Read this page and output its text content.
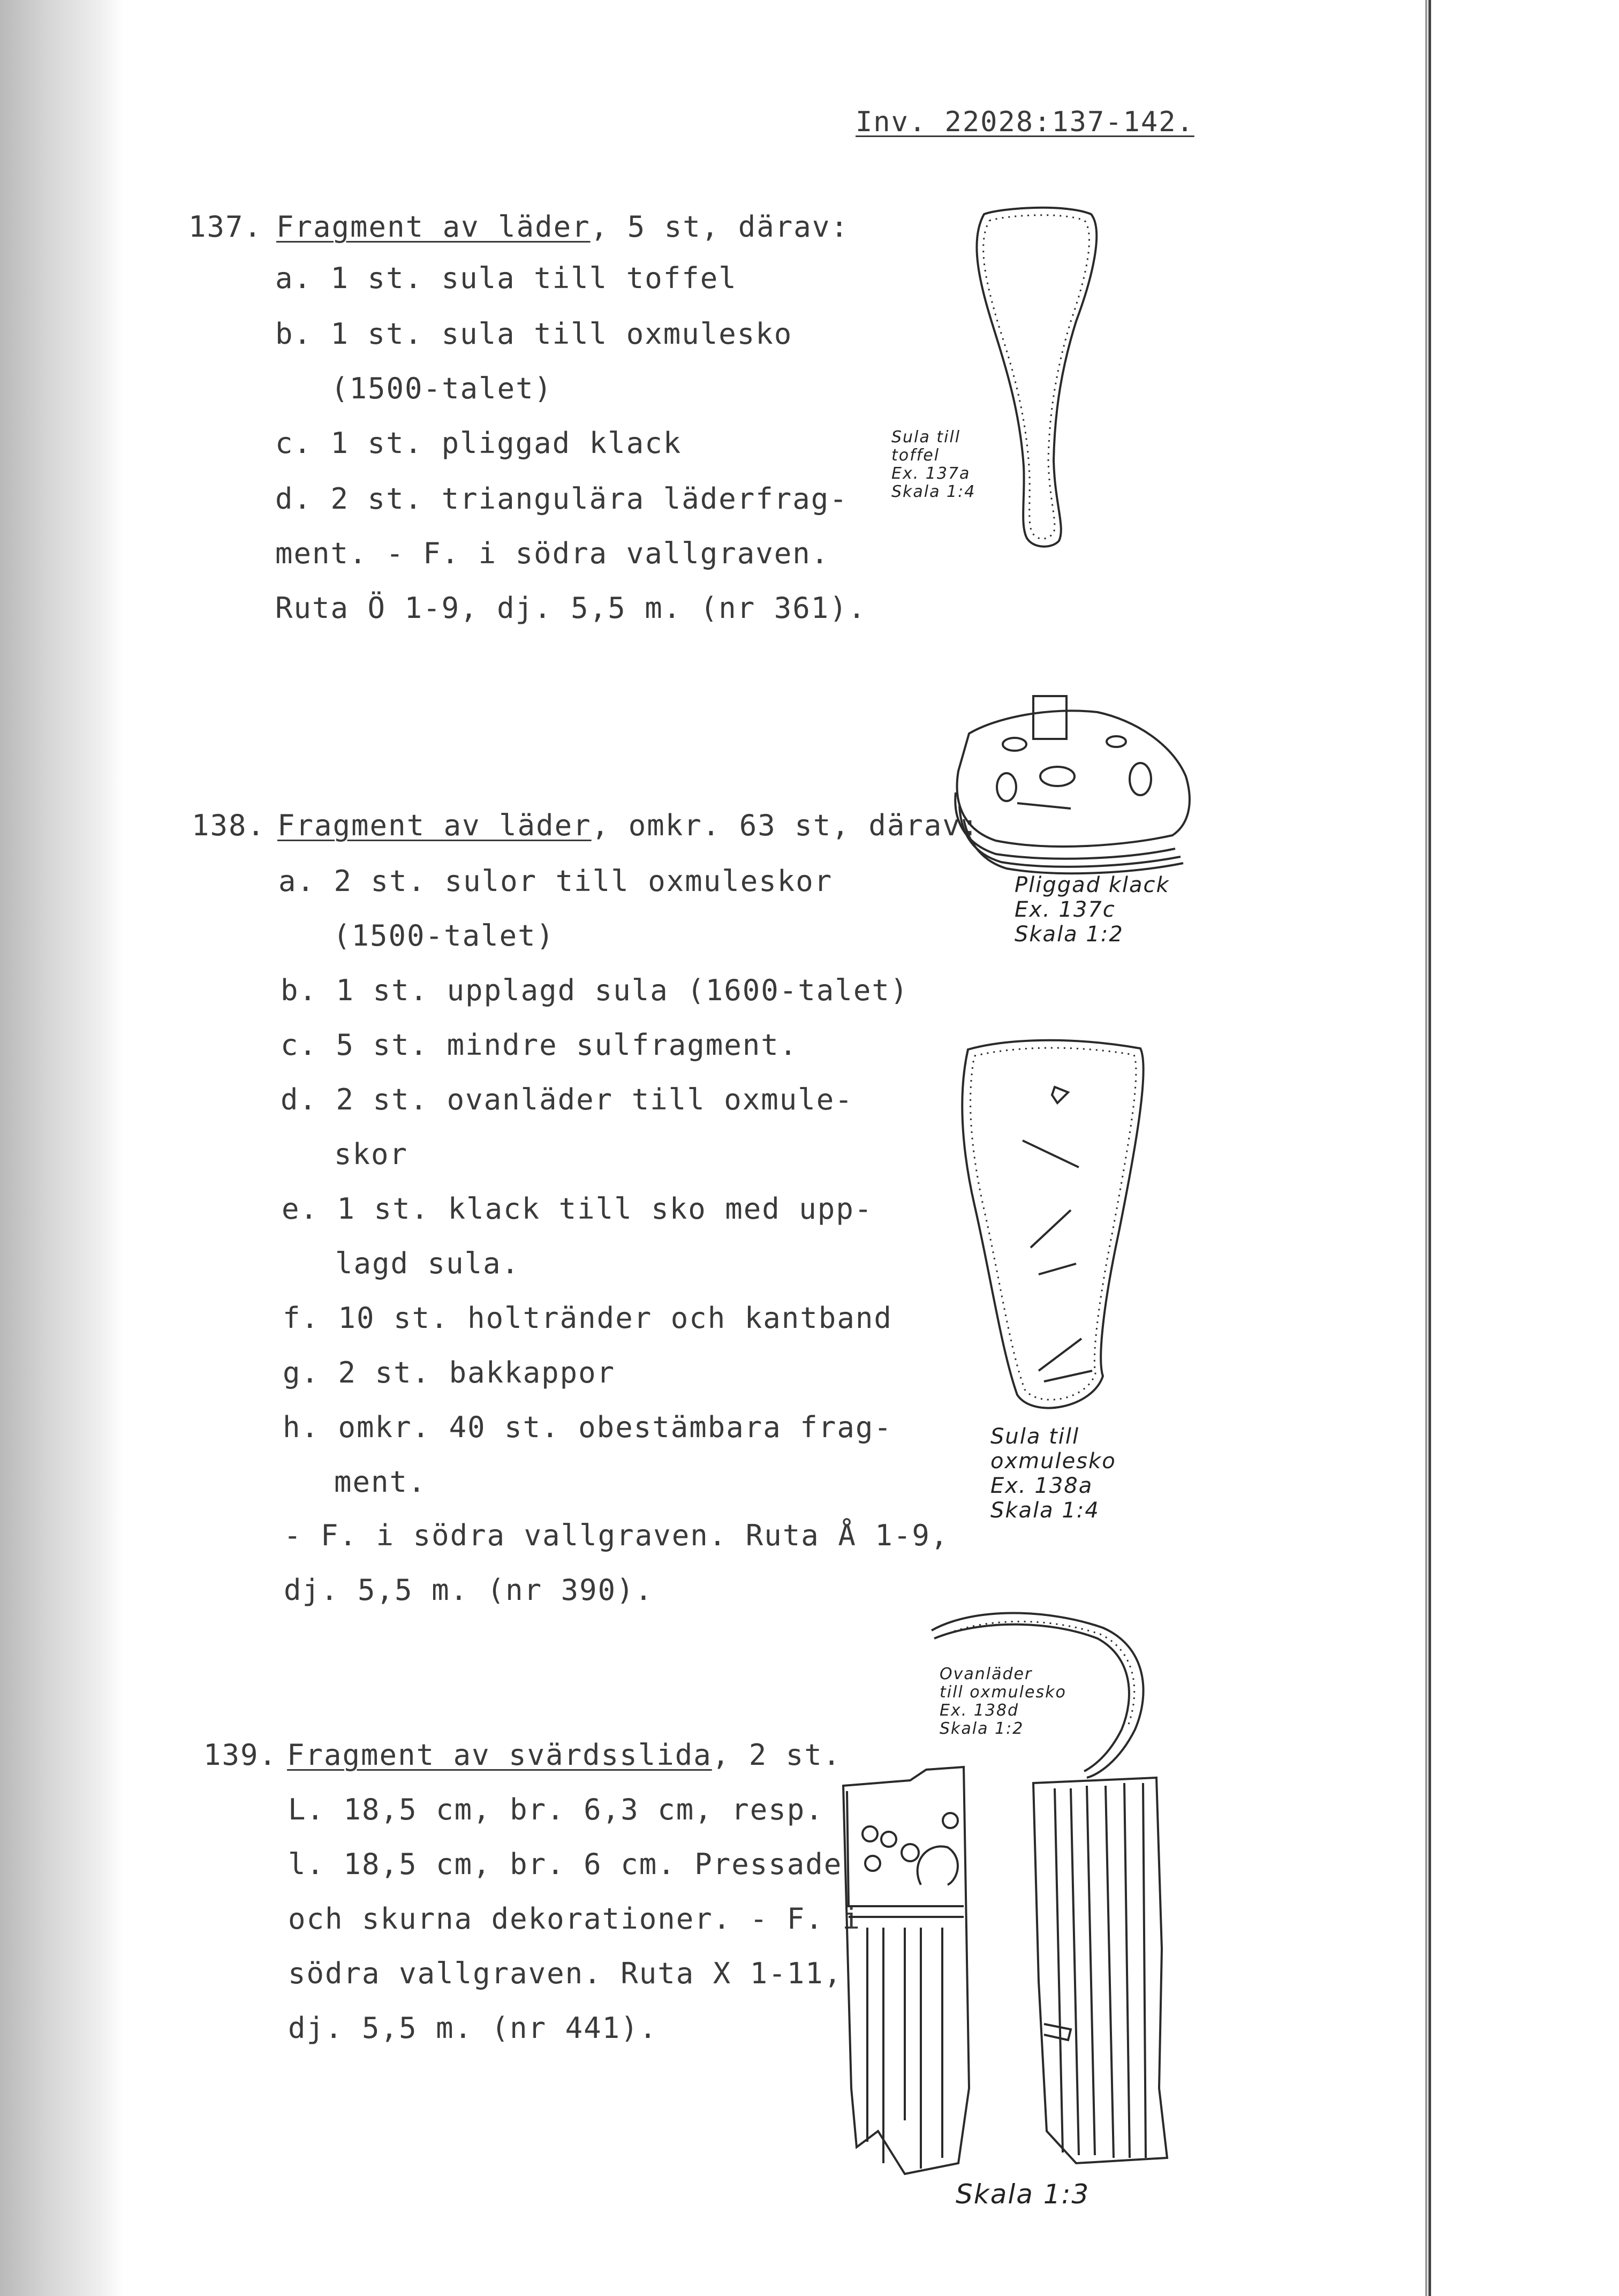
Inv. 22028:137-142.
137. Fragment av läder, 5 st, därav:
a. 1 st. sula till toffel
b. 1 st. sula till oxmulesko
(1500-talet)
c. 1 st. pliggad klack
d. 2 st. triangulära läderfrag-
ment. - F. i södra vallgraven.
Ruta Ö 1-9, dj. 5,5 m. (nr 361).
138. Fragment av läder, omkr. 63 st, därav:
a. 2 st. sulor till oxmuleskor
(1500-talet)
b. 1 st. upplagd sula (1600-talet)
c. 5 st. mindre sulfragment.
d. 2 st. ovanläder till oxmule-
skor
e. 1 st. klack till sko med upp-
lagd sula.
f. 10 st. holtränder och kantband
g. 2 st. bakkappor
h. omkr. 40 st. obestämbara frag-
ment.
- F. i södra vallgraven. Ruta Å 1-9,
dj. 5,5 m. (nr 390).
139. Fragment av svärdsslida, 2 st.
L. 18,5 cm, br. 6,3 cm, resp.
l. 18,5 cm, br. 6 cm. Pressade
och skurna dekorationer. - F. i
södra vallgraven. Ruta X 1-11,
dj. 5,5 m. (nr 441).
Sula till
toffel
Ex. 137a
Skala 1:4
Pliggad klack
Ex. 137c
Skala 1:2
Sula till
oxmulesko
Ex. 138a
Skala 1:4
Ovanläder
till oxmulesko
Ex. 138d
Skala 1:2
Skala 1:3
